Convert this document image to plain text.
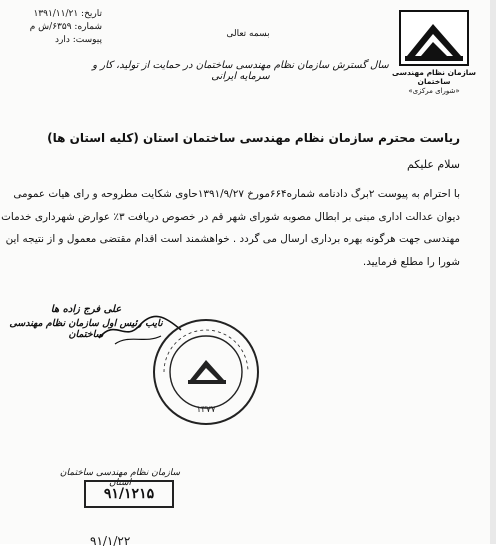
تاریخ: ۱۳۹۱/۱۱/۲۱
شماره: ۶۳۵۹/ش م
پیوست: دارد
سازمان نظام مهندسی ساختمان
«شورای مرکزی»
بسمه تعالی
سال گسترش سازمان نظام مهندسی ساختمان در حمایت از تولید، کار و سرمایه ایرانی
ریاست محترم سازمان نظام مهندسی ساختمان استان (کلیه استان ها)
سلام علیکم

با احترام به پیوست ۲برگ دادنامه شماره۶۶۴مورخ ۱۳۹۱/۹/۲۷حاوی شکایت مطروحه و رای هیات عمومی

دیوان عدالت اداری مبنی بر ابطال مصوبه شورای شهر قم در خصوص دریافت ۳٪ عوارض شهرداری خدمات

مهندسی جهت هرگونه بهره برداری ارسال می گردد . خواهشمند است اقدام مقتضی معمول و از نتیجه این

شورا را مطلع فرمایید.

علی فرج زاده ها
نایب رئیس اول سازمان نظام مهندسی ساختمان
١٣٧٧
سازمان نظام مهندسی ساختمان استان
۹۱/۱۲۱۵
۹۱/۱/۲۲
